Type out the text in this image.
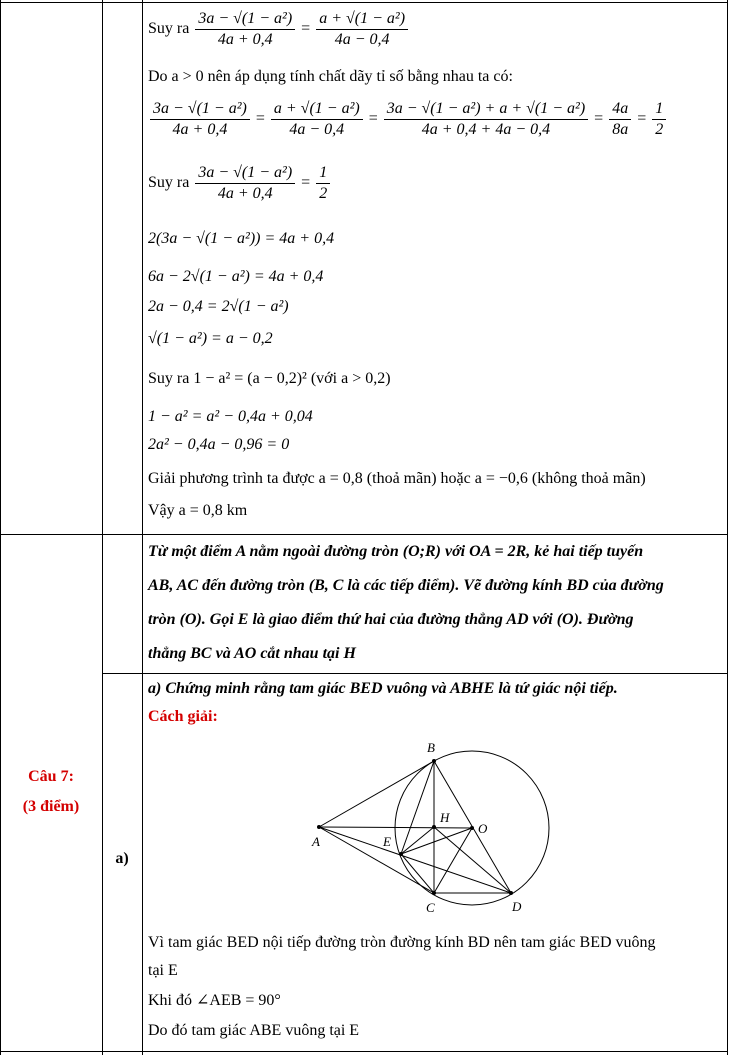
Suy ra $\frac{\text{3a − √(1 − a²)}}{4a + 0,4} = \frac{\text{a + √(1 − a²)}}{4a - 0,4}$
Do a > 0 nên áp dụng tính chất dãy tỉ số bằng nhau ta có:
$\frac{\text{3a − √(1 − a²)}}{4a + 0,4} = \frac{\text{a + √(1 − a²)}}{4a - 0,4} = \frac{\text{3a − √(1 − a²) + a + √(1 − a²)}}{4a + 0,4 + 4a - 0,4} = \frac{4a}{8a} = \frac{1}{2}$
Suy ra $\frac{\text{3a − √(1 − a²)}}{4a + 0,4} = \frac{1}{2}$
2(3a − √(1 − a²)) = 4a + 0,4
6a − 2√(1 − a²) = 4a + 0,4
2a − 0,4 = 2√(1 − a²)
√(1 − a²) = a − 0,2
Suy ra 1 − a² = (a − 0,2)² (với a > 0,2)
1 − a² = a² − 0,4a + 0,04
2a² − 0,4a − 0,96 = 0
Giải phương trình ta được a = 0,8 (thoả mãn) hoặc a = −0,6 (không thoả mãn)
Vậy a = 0,8 km
Câu 7:
(3 điểm)
Từ một điểm A nằm ngoài đường tròn (O;R) với OA = 2R, kẻ hai tiếp tuyến
AB, AC đến đường tròn (B, C là các tiếp điểm). Vẽ đường kính BD của đường
tròn (O). Gọi E là giao điểm thứ hai của đường thẳng AD với (O). Đường
thẳng BC và AO cắt nhau tại H
a)
a) Chứng minh rằng tam giác BED vuông và ABHE là tứ giác nội tiếp.
Cách giải:
B
H
O
A	E
C	D
Vì tam giác BED nội tiếp đường tròn đường kính BD nên tam giác BED vuông
tại E
Khi đó ∠AEB = 90°
Do đó tam giác ABE vuông tại E
